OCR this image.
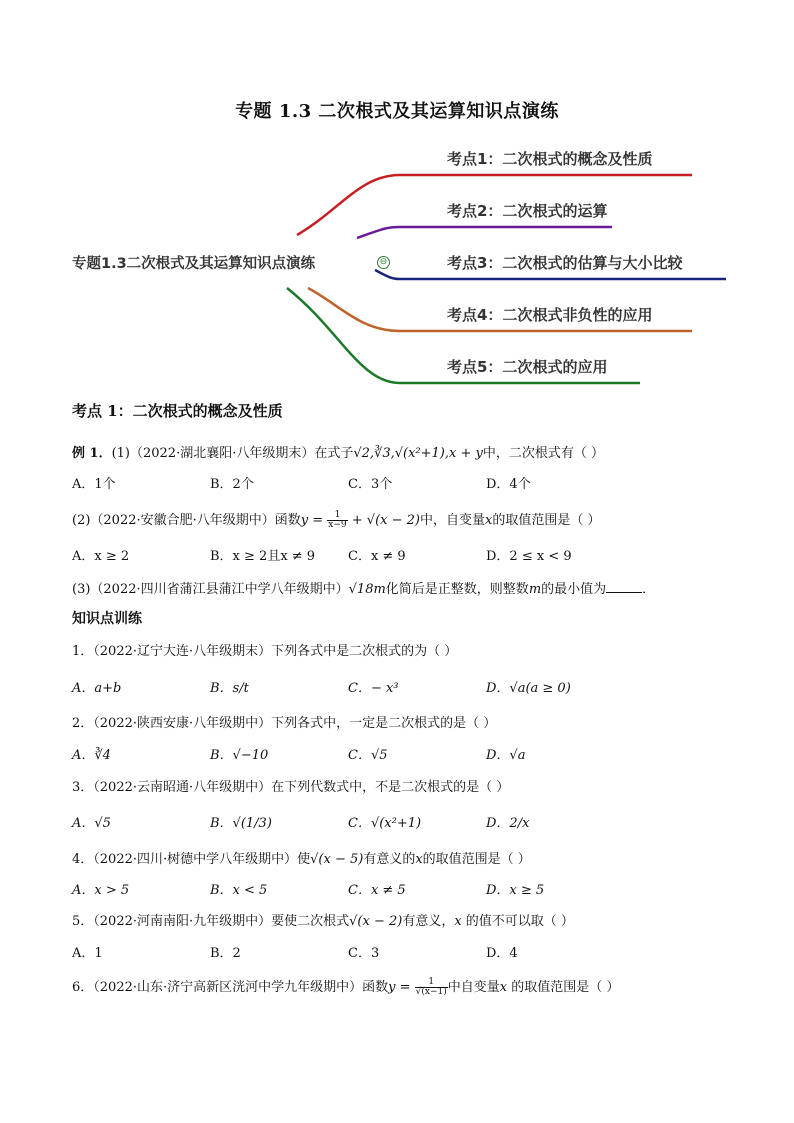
专题 1.3 二次根式及其运算知识点演练
专题1.3二次根式及其运算知识点演练	⊖
考点1：二次根式的概念及性质
考点2：二次根式的运算
考点3：二次根式的估算与大小比较
考点4：二次根式非负性的应用
考点5：二次根式的应用
考点 1：二次根式的概念及性质
例 1．(1)（2022·湖北襄阳·八年级期末）在式子√2,∛3,√(x²+1),x + y中，二次根式有（ ）
A．1个	B．2个	C．3个	D．4个
(2)（2022·安徽合肥·八年级期中）函数$y = \frac{1}{x-9} + √(x - 2)$中，自变量x的取值范围是（ ）
A．x ≥ 2	B．x ≥ 2且x ≠ 9	C．x ≠ 9	D．2 ≤ x < 9
(3)（2022·四川省蒲江县蒲江中学八年级期中）√18m化简后是正整数，则整数m的最小值为	．
知识点训练
1．（2022·辽宁大连·八年级期末）下列各式中是二次根式的为（ ）
A．a+b	B．s/t	C．− x³	D．√a(a ≥ 0)
2．（2022·陕西安康·八年级期中）下列各式中，一定是二次根式的是（ ）
A．∛4	B．√−10	C．√5	D．√a
3．（2022·云南昭通·八年级期中）在下列代数式中，不是二次根式的是（ ）
A．√5	B．√(1/3)	C．√(x²+1)	D．2/x
4．（2022·四川·树德中学八年级期中）使√(x − 5)有意义的x的取值范围是（ ）
A．x > 5	B．x < 5	C．x ≠ 5	D．x ≥ 5
5．（2022·河南南阳·九年级期中）要使二次根式√(x − 2)有意义，x 的值不可以取（ ）
A．1	B．2	C．3	D．4
6．（2022·山东·济宁高新区洸河中学九年级期中）函数$y = \frac{1}{√(x-1)}$ 中自变量x 的取值范围是（ ）
